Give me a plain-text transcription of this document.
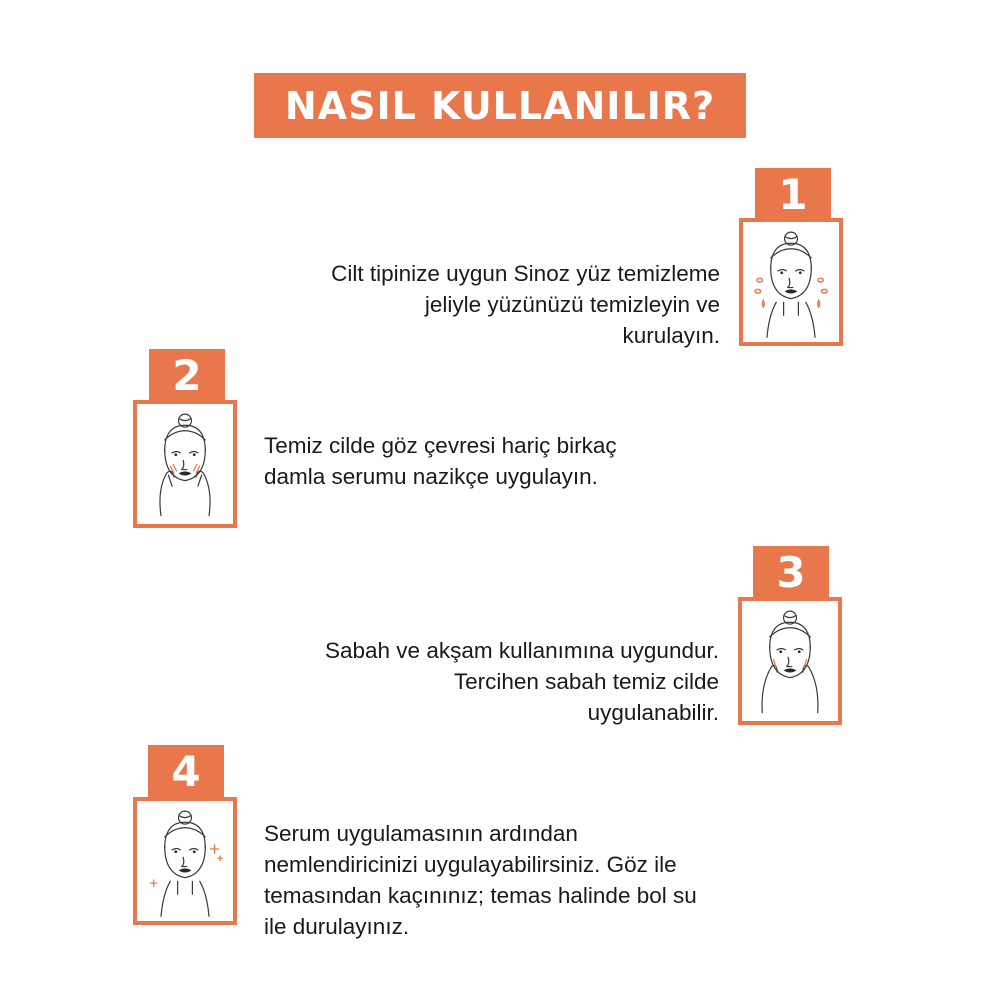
NASIL KULLANILIR?
1
Cilt tipinize uygun Sinoz yüz temizleme
jeliyle yüzünüzü temizleyin ve
kurulayın.
2
Temiz cilde göz çevresi hariç birkaç
damla serumu nazikçe uygulayın.
3
Sabah ve akşam kullanımına uygundur.
Tercihen sabah temiz cilde
uygulanabilir.
4
Serum uygulamasının ardından
nemlendiricinizi uygulayabilirsiniz. Göz ile
temasından kaçınınız; temas halinde bol su
ile durulayınız.
